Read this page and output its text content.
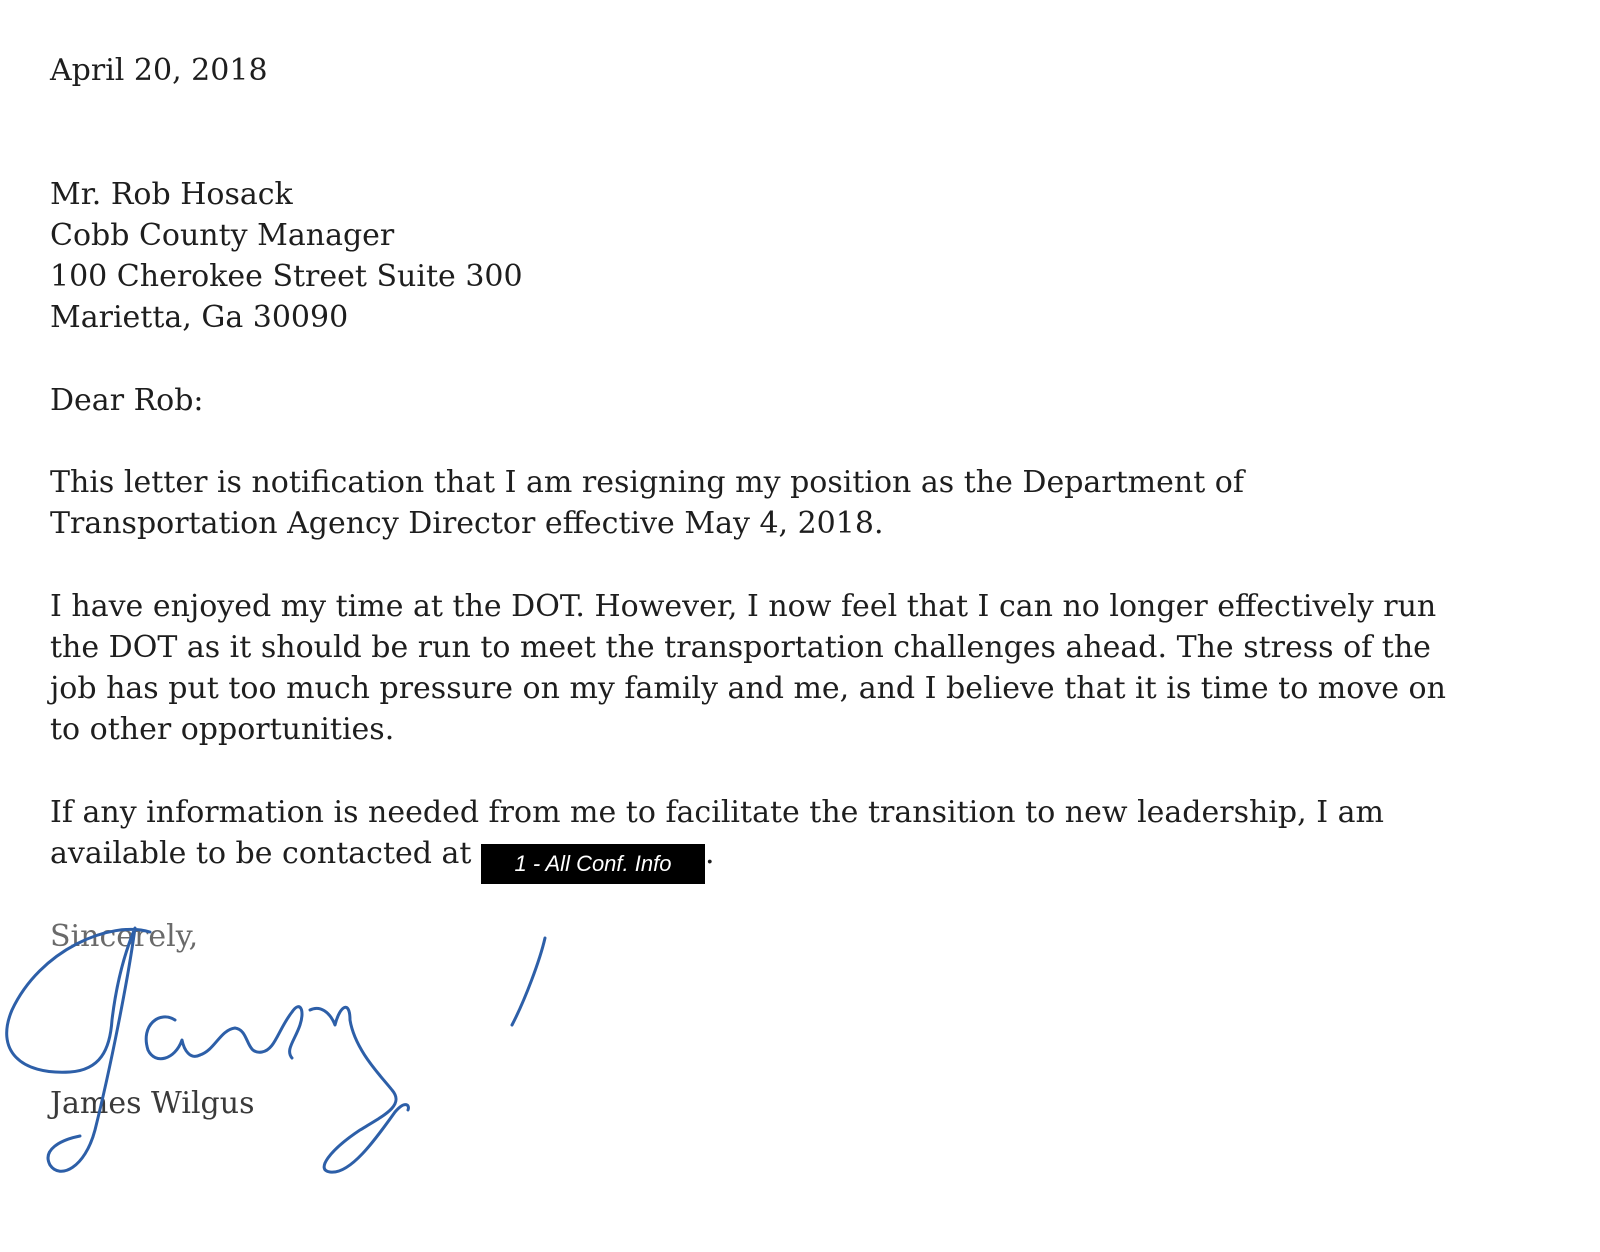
April 20, 2018
Mr. Rob Hosack
Cobb County Manager
100 Cherokee Street Suite 300
Marietta, Ga 30090
Dear Rob:
This letter is notification that I am resigning my position as the Department of
Transportation Agency Director effective May 4, 2018.
I have enjoyed my time at the DOT. However, I now feel that I can no longer effectively run
the DOT as it should be run to meet the transportation challenges ahead. The stress of the
job has put too much pressure on my family and me, and I believe that it is time to move on
to other opportunities.
If any information is needed from me to facilitate the transition to new leadership, I am
available to be contacted at 1 - All Conf. Info .
Sincerely,
James Wilgus
